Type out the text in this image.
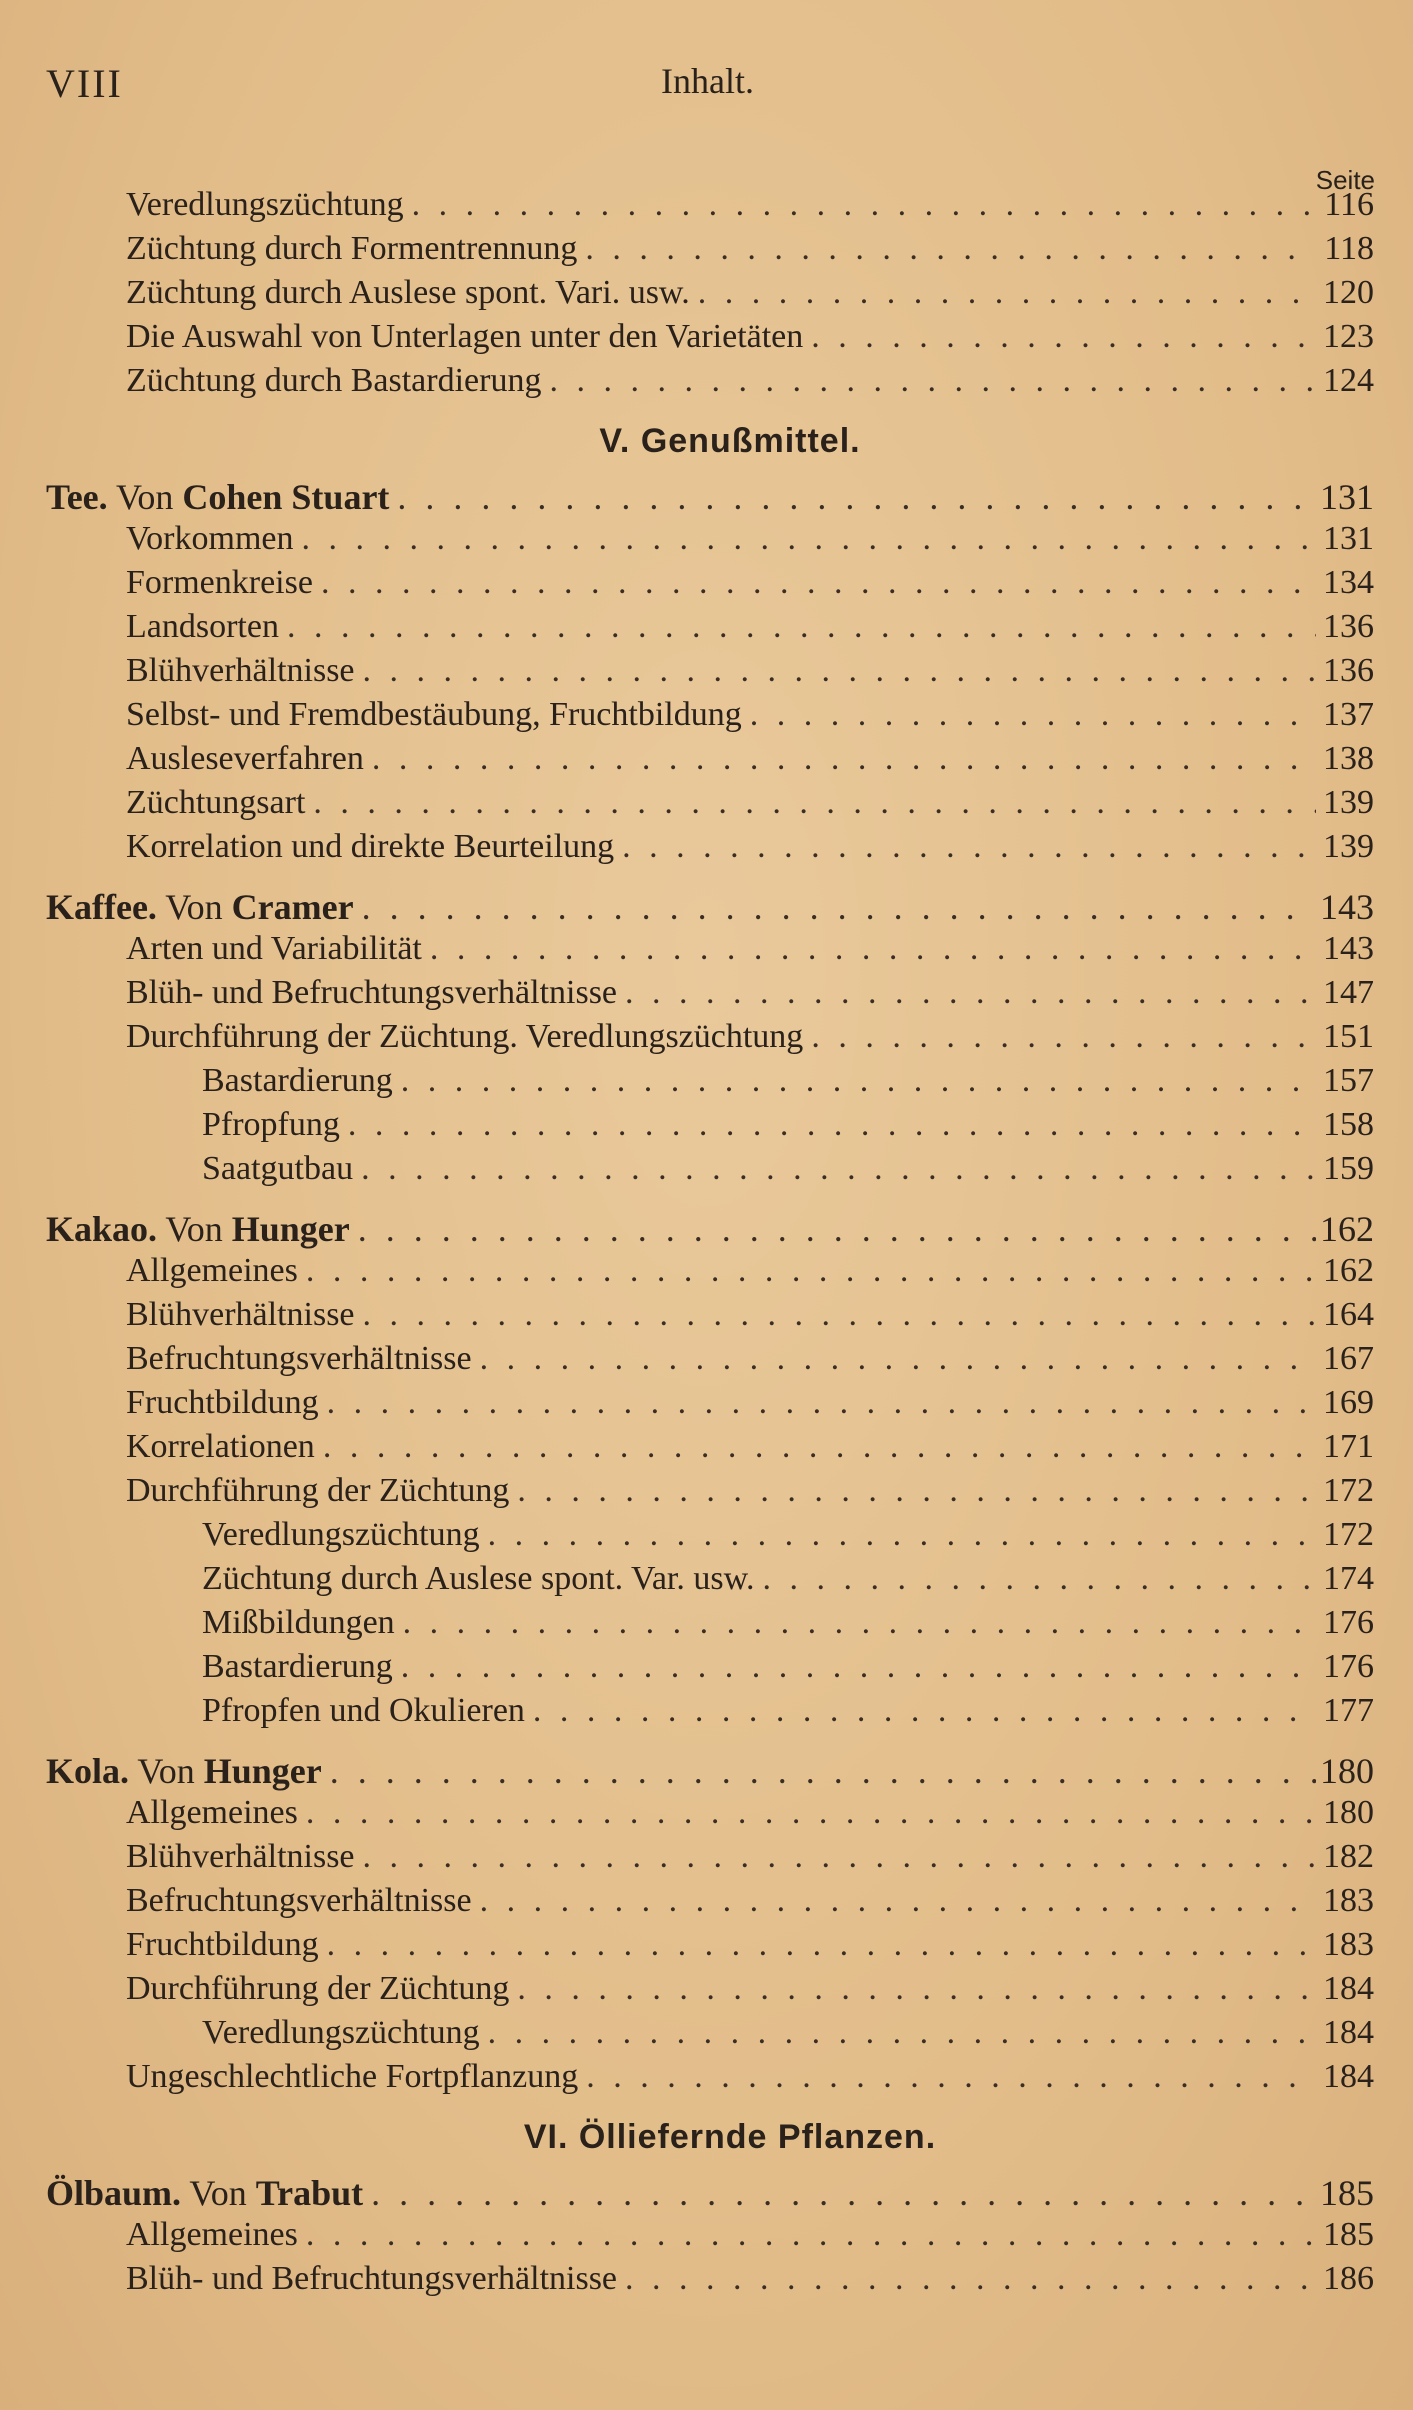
VIII	Inhalt.
Seite
Veredlungszüchtung . . .	116
Züchtung durch Formentrennung . . .	118
Züchtung durch Auslese spont. Vari. usw. . . .	120
Die Auswahl von Unterlagen unter den Varietäten . . .	123
Züchtung durch Bastardierung . . .	124
V. Genußmittel.
Tee. Von Cohen Stuart . . .	131
Vorkommen . . .	131
Formenkreise . . .	134
Landsorten . . .	136
Blühverhältnisse . . .	136
Selbst- und Fremdbestäubung, Fruchtbildung . . .	137
Ausleseverfahren . . .	138
Züchtungsart . . .	139
Korrelation und direkte Beurteilung . . .	139
Kaffee. Von Cramer . . .	143
Arten und Variabilität . . .	143
Blüh- und Befruchtungsverhältnisse . . .	147
Durchführung der Züchtung. Veredlungszüchtung . . .	151
Bastardierung . . .	157
Pfropfung . . .	158
Saatgutbau . . .	159
Kakao. Von Hunger . . .	162
Allgemeines . . .	162
Blühverhältnisse . . .	164
Befruchtungsverhältnisse . . .	167
Fruchtbildung . . .	169
Korrelationen . . .	171
Durchführung der Züchtung . . .	172
Veredlungszüchtung . . .	172
Züchtung durch Auslese spont. Var. usw. . . .	174
Mißbildungen . . .	176
Bastardierung . . .	176
Pfropfen und Okulieren . . .	177
Kola. Von Hunger . . .	180
Allgemeines . . .	180
Blühverhältnisse . . .	182
Befruchtungsverhältnisse . . .	183
Fruchtbildung . . .	183
Durchführung der Züchtung . . .	184
Veredlungszüchtung . . .	184
Ungeschlechtliche Fortpflanzung . . .	184
VI. Ölliefernde Pflanzen.
Ölbaum. Von Trabut . . .	185
Allgemeines . . .	185
Blüh- und Befruchtungsverhältnisse . . .	186
